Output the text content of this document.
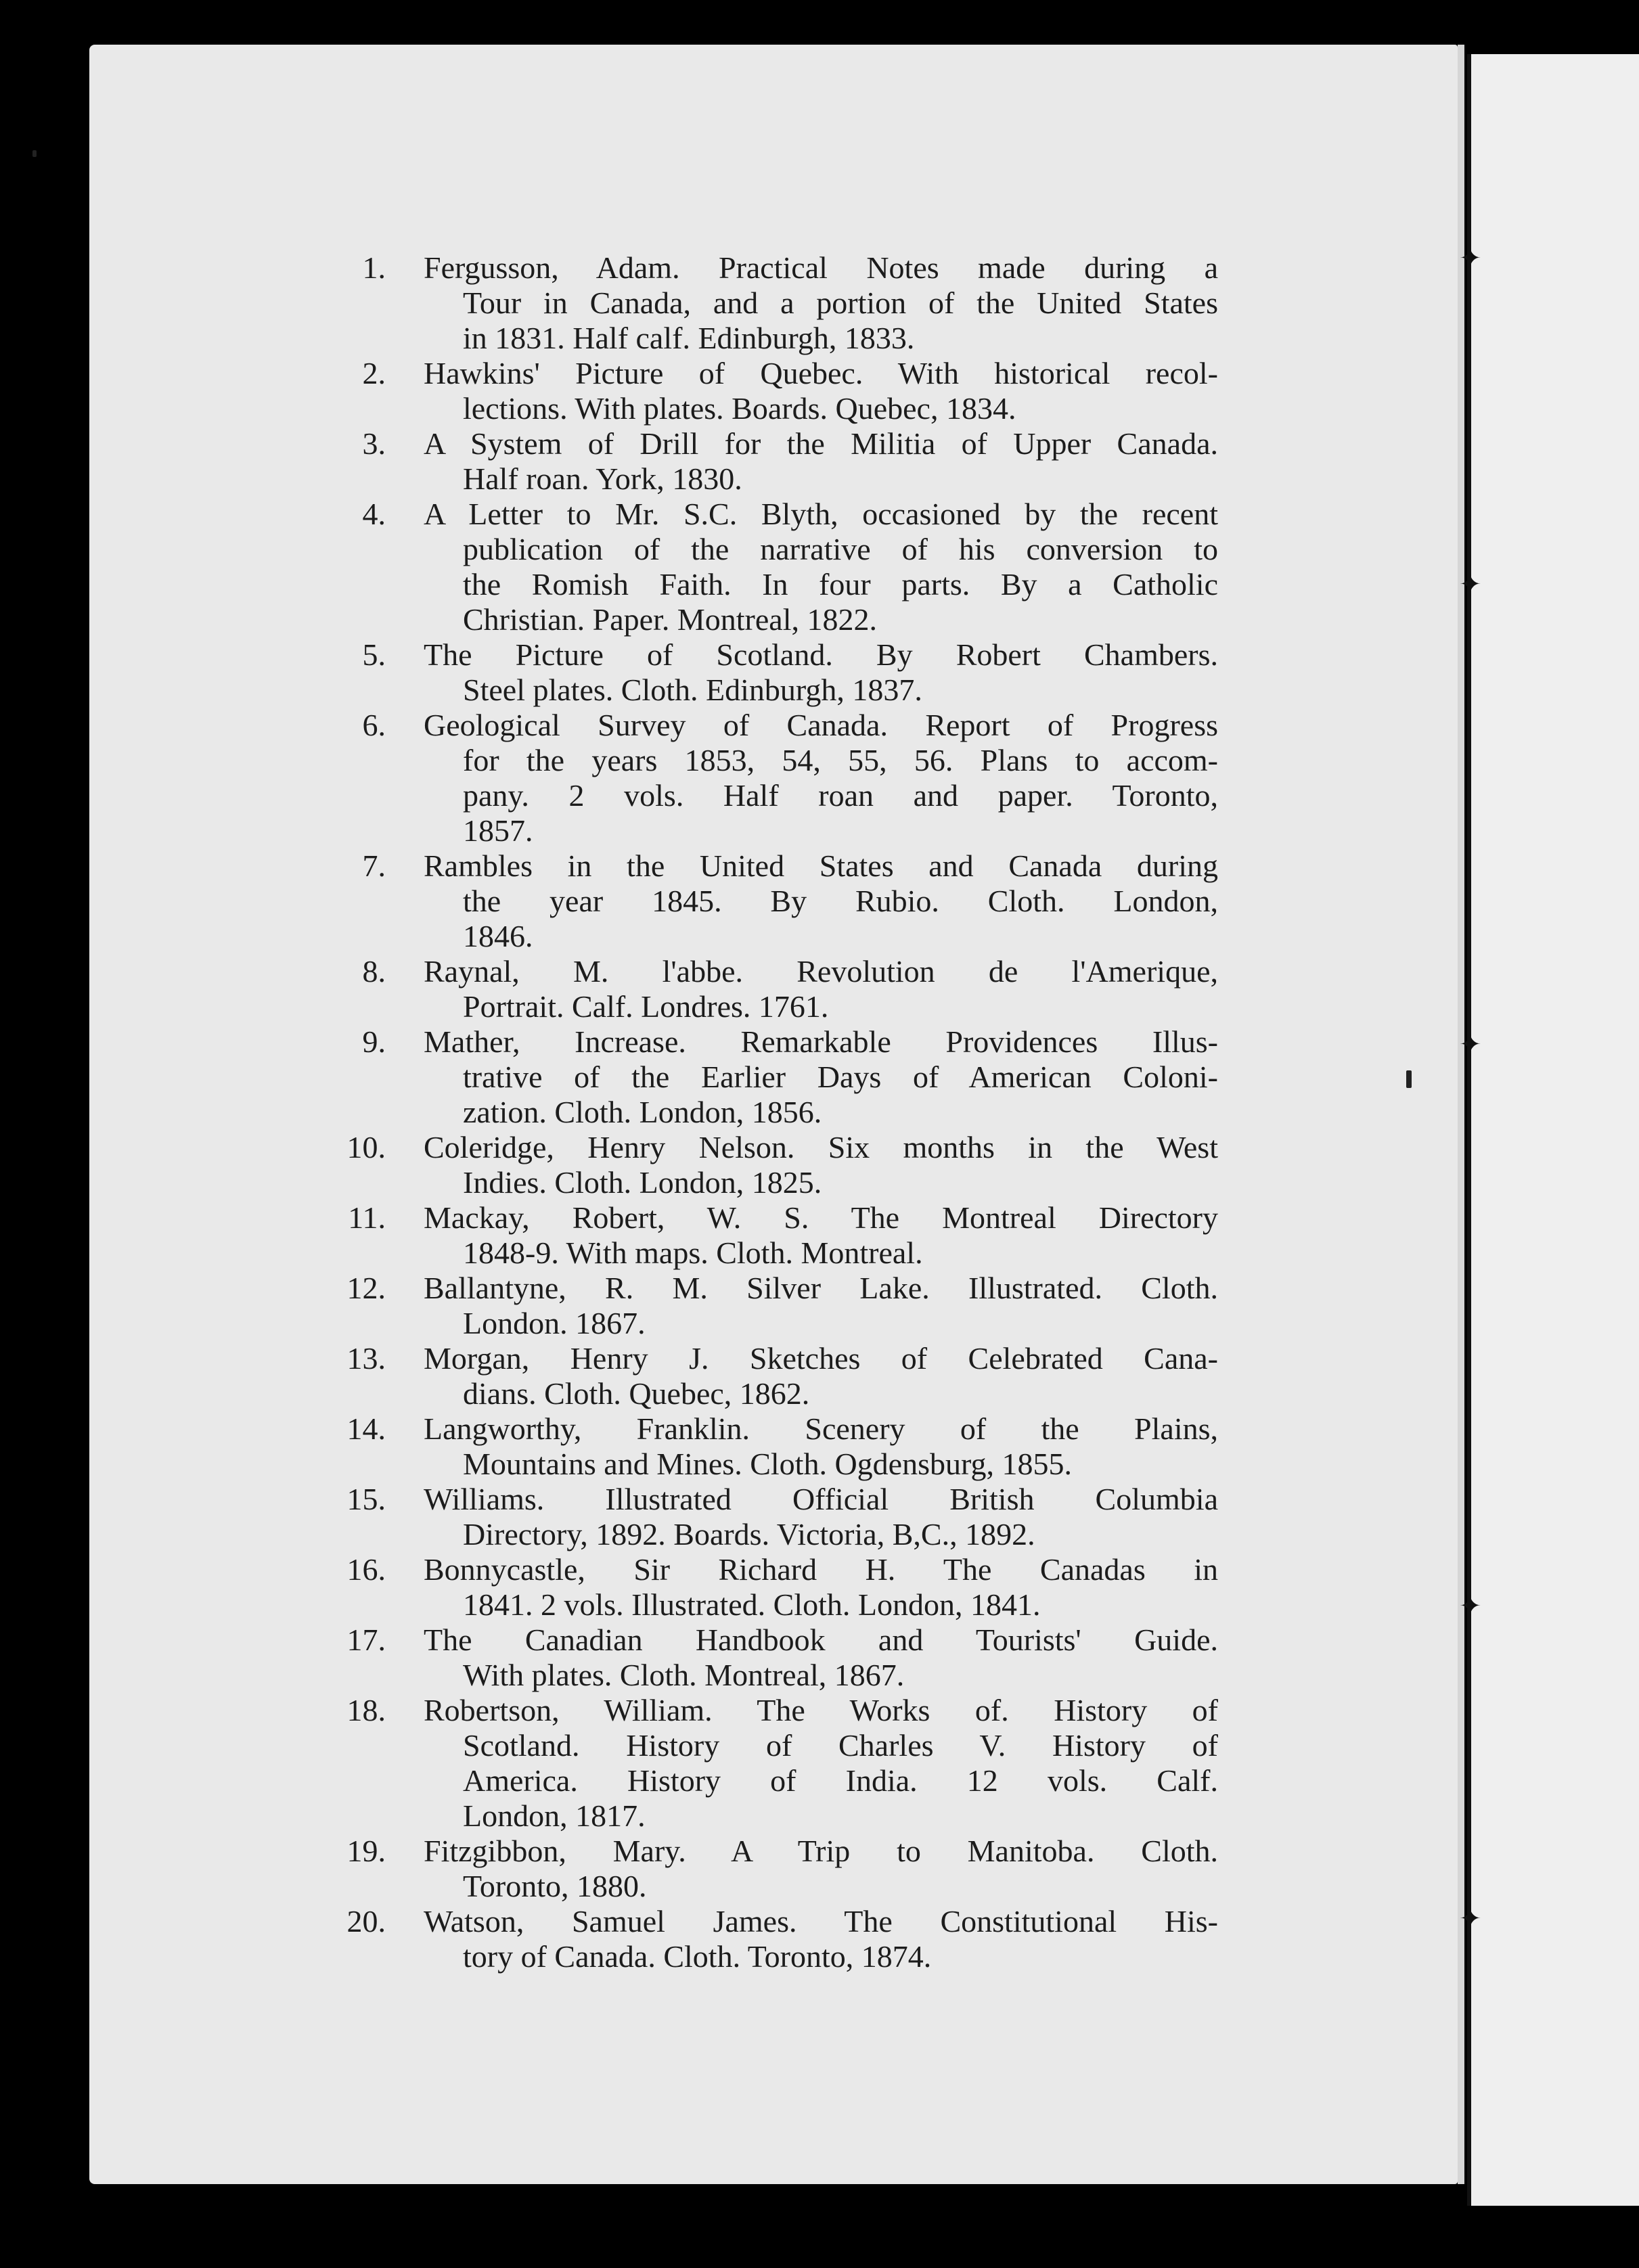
✦
✦
✦
✦
✦
1. Fergusson, Adam. Practical Notes made during a
Tour in Canada, and a portion of the United States
in 1831. Half calf. Edinburgh, 1833.
2. Hawkins' Picture of Quebec. With historical recol-
lections. With plates. Boards. Quebec, 1834.
3. A System of Drill for the Militia of Upper Canada.
Half roan. York, 1830.
4. A Letter to Mr. S.C. Blyth, occasioned by the recent
publication of the narrative of his conversion to
the Romish Faith. In four parts. By a Catholic
Christian. Paper. Montreal, 1822.
5. The Picture of Scotland. By Robert Chambers.
Steel plates. Cloth. Edinburgh, 1837.
6. Geological Survey of Canada. Report of Progress
for the years 1853, 54, 55, 56. Plans to accom-
pany. 2 vols. Half roan and paper. Toronto,
1857.
7. Rambles in the United States and Canada during
the year 1845. By Rubio. Cloth. London,
1846.
8. Raynal, M. l'abbe. Revolution de l'Amerique,
Portrait. Calf. Londres. 1761.
9. Mather, Increase. Remarkable Providences Illus-
trative of the Earlier Days of American Coloni-
zation. Cloth. London, 1856.
10. Coleridge, Henry Nelson. Six months in the West
Indies. Cloth. London, 1825.
11. Mackay, Robert, W. S. The Montreal Directory
1848-9. With maps. Cloth. Montreal.
12. Ballantyne, R. M. Silver Lake. Illustrated. Cloth.
London. 1867.
13. Morgan, Henry J. Sketches of Celebrated Cana-
dians. Cloth. Quebec, 1862.
14. Langworthy, Franklin. Scenery of the Plains,
Mountains and Mines. Cloth. Ogdensburg, 1855.
15. Williams. Illustrated Official British Columbia
Directory, 1892. Boards. Victoria, B,C., 1892.
16. Bonnycastle, Sir Richard H. The Canadas in
1841. 2 vols. Illustrated. Cloth. London, 1841.
17. The Canadian Handbook and Tourists' Guide.
With plates. Cloth. Montreal, 1867.
18. Robertson, William. The Works of. History of
Scotland. History of Charles V. History of
America. History of India. 12 vols. Calf.
London, 1817.
19. Fitzgibbon, Mary. A Trip to Manitoba. Cloth.
Toronto, 1880.
20. Watson, Samuel James. The Constitutional His-
tory of Canada. Cloth. Toronto, 1874.
